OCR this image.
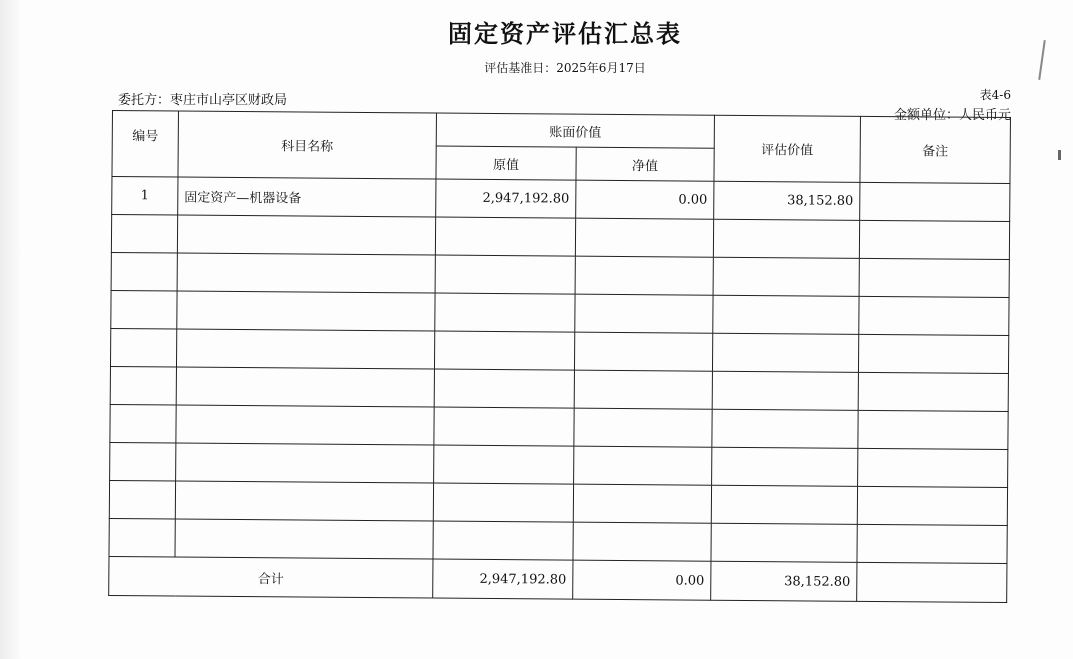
固定资产评估汇总表
评估基准日：2025年6月17日
委托方：枣庄市山亭区财政局	表4-6
金额单位：人民币元
编号	科目名称	账面价值		评估价值	备注
		原值	净值		
1	固定资产—机器设备	2,947,192.80	0.00	38,152.80	

合计		2,947,192.80	0.00	38,152.80	
